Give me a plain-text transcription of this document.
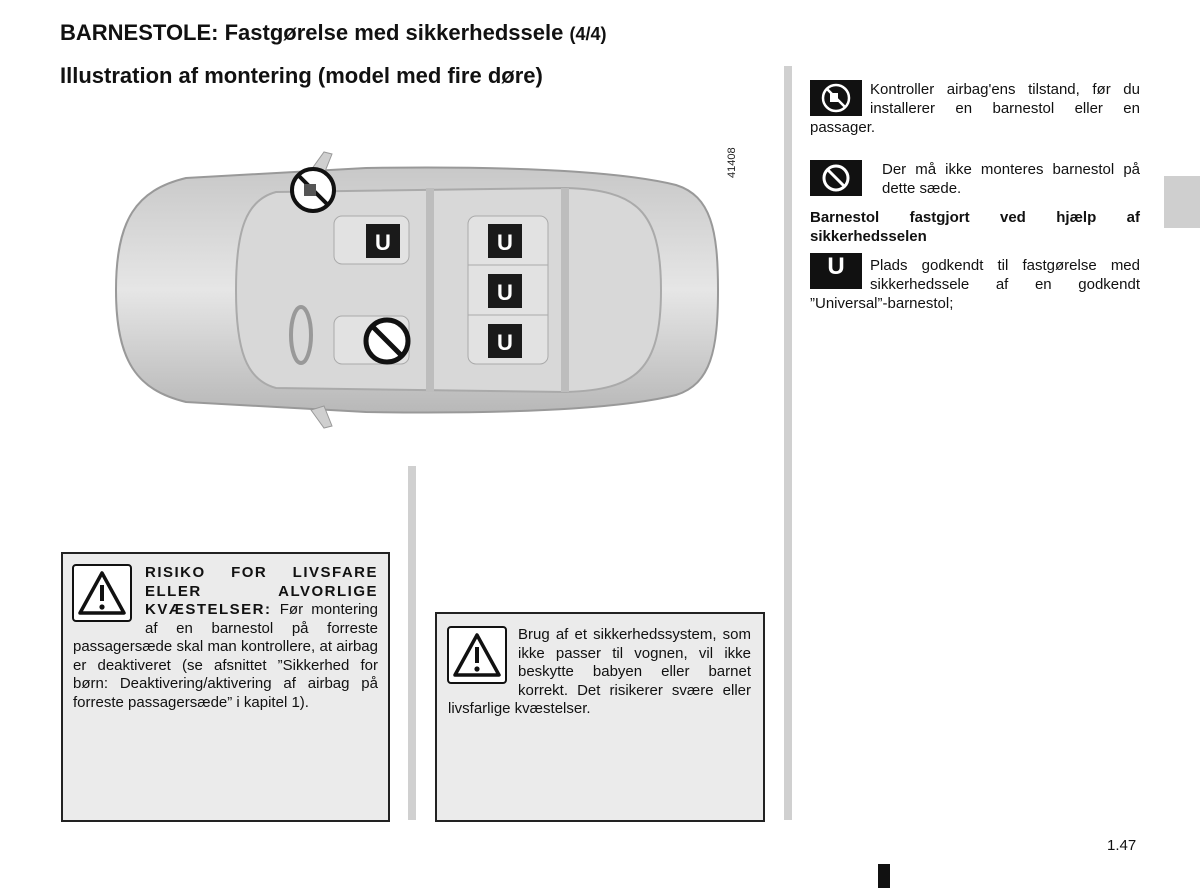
BARNESTOLE: Fastgørelse med sikkerhedssele (4/4)
Illustration af montering (model med fire døre)
U	U
U
U
41408
RISIKO FOR LIVSFARE ELLER ALVORLIGE KVÆSTELSER: Før montering af en barnestol på forreste passagersæde skal man kontrollere, at airbag er deaktiveret (se afsnittet ”Sikkerhed for børn: Deaktivering/aktivering af airbag på forreste passagersæde” i kapitel 1).
Brug af et sikkerhedssystem, som ikke passer til vognen, vil ikke beskytte babyen eller barnet korrekt. Det risikerer svære eller livsfarlige kvæstelser.
Kontroller airbag'ens tilstand, før du installerer en barnestol eller en passager.
Der må ikke monteres barnestol på dette sæde.
Barnestol fastgjort ved hjælp af sikkerhedsselen
U	Plads godkendt til fastgørelse med sikkerhedssele af en godkendt ”Universal”-barnestol;
1.47
